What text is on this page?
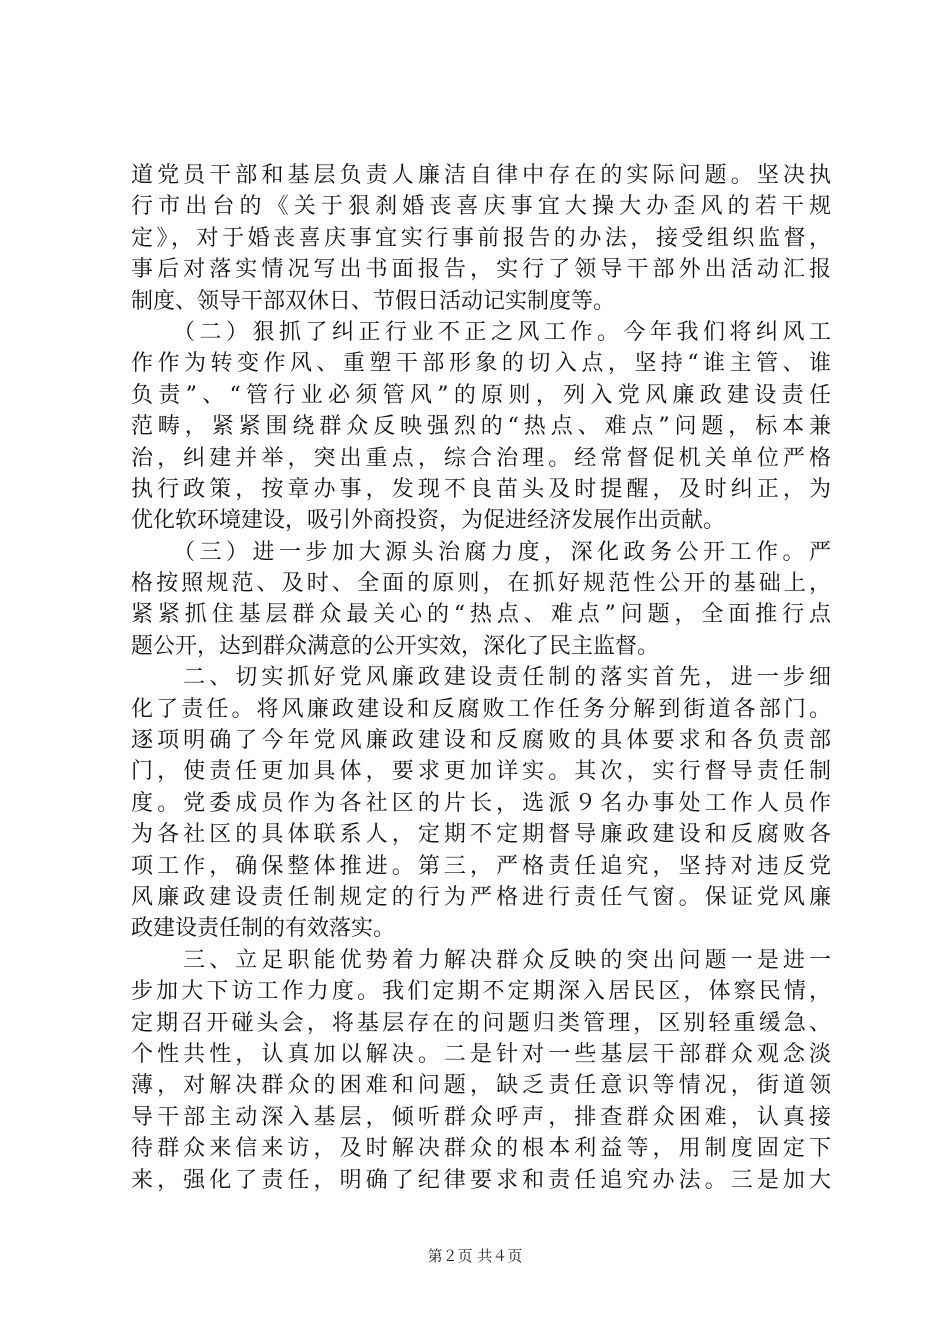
道党员干部和基层负责人廉洁自律中存在的实际问题。坚决执
行市出台的《关于狠刹婚丧喜庆事宜大操大办歪风的若干规
定》，对于婚丧喜庆事宜实行事前报告的办法，接受组织监督，
事后对落实情况写出书面报告，实行了领导干部外出活动汇报
制度、领导干部双休日、节假日活动记实制度等。
　　（二）狠抓了纠正行业不正之风工作。今年我们将纠风工
作作为转变作风、重塑干部形象的切入点，坚持“谁主管、谁
负责”、“管行业必须管风”的原则，列入党风廉政建设责任
范畴，紧紧围绕群众反映强烈的“热点、难点”问题，标本兼
治，纠建并举，突出重点，综合治理。经常督促机关单位严格
执行政策，按章办事，发现不良苗头及时提醒，及时纠正，为
优化软环境建设，吸引外商投资，为促进经济发展作出贡献。
　　（三）进一步加大源头治腐力度，深化政务公开工作。严
格按照规范、及时、全面的原则，在抓好规范性公开的基础上，
紧紧抓住基层群众最关心的“热点、难点”问题，全面推行点
题公开，达到群众满意的公开实效，深化了民主监督。
　　二、切实抓好党风廉政建设责任制的落实首先，进一步细
化了责任。将风廉政建设和反腐败工作任务分解到街道各部门。
逐项明确了今年党风廉政建设和反腐败的具体要求和各负责部
门，使责任更加具体，要求更加详实。其次，实行督导责任制
度。党委成员作为各社区的片长，选派９名办事处工作人员作
为各社区的具体联系人，定期不定期督导廉政建设和反腐败各
项工作，确保整体推进。第三，严格责任追究，坚持对违反党
风廉政建设责任制规定的行为严格进行责任气窗。保证党风廉
政建设责任制的有效落实。
　　三、立足职能优势着力解决群众反映的突出问题一是进一
步加大下访工作力度。我们定期不定期深入居民区，体察民情，
定期召开碰头会，将基层存在的问题归类管理，区别轻重缓急、
个性共性，认真加以解决。二是针对一些基层干部群众观念淡
薄，对解决群众的困难和问题，缺乏责任意识等情况，街道领
导干部主动深入基层，倾听群众呼声，排查群众困难，认真接
待群众来信来访，及时解决群众的根本利益等，用制度固定下
来，强化了责任，明确了纪律要求和责任追究办法。三是加大
第２页 共４页
